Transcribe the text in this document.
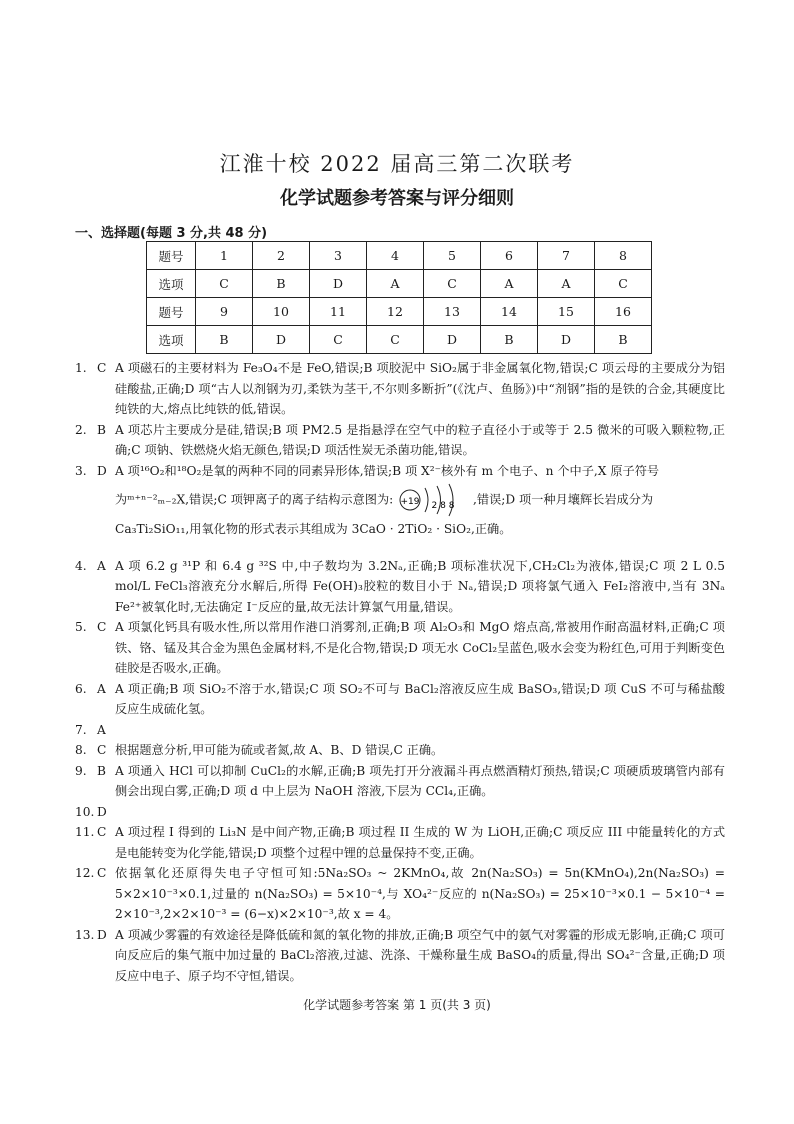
江淮十校 2022 届高三第二次联考
化学试题参考答案与评分细则
一、选择题(每题 3 分,共 48 分)
题号	1	2	3	4	5	6	7	8
选项	C	B	D	A	C	A	A	C
题号	9	10	11	12	13	14	15	16
选项	B	D	C	C	D	B	D	B
1. C A 项磁石的主要材料为 Fe₃O₄不是 FeO,错误;B 项胶泥中 SiO₂属于非金属氧化物,错误;C 项云母的主要成分为铝硅酸盐,正确;D 项“古人以剂钢为刃,柔铁为茎干,不尔则多断折”(《沈卢、鱼肠》)中“剂钢”指的是铁的合金,其硬度比纯铁的大,熔点比纯铁的低,错误。
2. B A 项芯片主要成分是硅,错误;B 项 PM2.5 是指悬浮在空气中的粒子直径小于或等于 2.5 微米的可吸入颗粒物,正确;C 项钠、铁燃烧火焰无颜色,错误;D 项活性炭无杀菌功能,错误。
3. D A 项¹⁶O₂和¹⁸O₂是氧的两种不同的同素异形体,错误;B 项 X²⁻核外有 m 个电子、n 个中子,X 原子符号
为ᵐ⁺ⁿ⁻²ₘ₋₂X,错误;C 项钾离子的离子结构示意图为: +19 2 8 8 ,错误;D 项一种月壤辉长岩成分为
Ca₃Ti₂SiO₁₁,用氧化物的形式表示其组成为 3CaO · 2TiO₂ · SiO₂,正确。
4. A A 项 6.2 g ³¹P 和 6.4 g ³²S 中,中子数均为 3.2Nₐ,正确;B 项标准状况下,CH₂Cl₂为液体,错误;C 项 2 L 0.5 mol/L FeCl₃溶液充分水解后,所得 Fe(OH)₃胶粒的数目小于 Nₐ,错误;D 项将氯气通入 FeI₂溶液中,当有 3Nₐ Fe²⁺被氧化时,无法确定 I⁻反应的量,故无法计算氯气用量,错误。
5. C A 项氯化钙具有吸水性,所以常用作港口消雾剂,正确;B 项 Al₂O₃和 MgO 熔点高,常被用作耐高温材料,正确;C 项铁、铬、锰及其合金为黑色金属材料,不是化合物,错误;D 项无水 CoCl₂呈蓝色,吸水会变为粉红色,可用于判断变色硅胶是否吸水,正确。
6. A A 项正确;B 项 SiO₂不溶于水,错误;C 项 SO₂不可与 BaCl₂溶液反应生成 BaSO₃,错误;D 项 CuS 不可与稀盐酸反应生成硫化氢。
7. A
8. C 根据题意分析,甲可能为硫或者氮,故 A、B、D 错误,C 正确。
9. B A 项通入 HCl 可以抑制 CuCl₂的水解,正确;B 项先打开分液漏斗再点燃酒精灯预热,错误;C 项硬质玻璃管内部有侧会出现白雾,正确;D 项 d 中上层为 NaOH 溶液,下层为 CCl₄,正确。
10. D
11. C A 项过程 I 得到的 Li₃N 是中间产物,正确;B 项过程 II 生成的 W 为 LiOH,正确;C 项反应 III 中能量转化的方式是电能转变为化学能,错误;D 项整个过程中锂的总量保持不变,正确。
12. C 依据氧化还原得失电子守恒可知:5Na₂SO₃ ~ 2KMnO₄,故 2n(Na₂SO₃) = 5n(KMnO₄),2n(Na₂SO₃) = 5×2×10⁻³×0.1,过量的 n(Na₂SO₃) = 5×10⁻⁴,与 XO₄²⁻反应的 n(Na₂SO₃) = 25×10⁻³×0.1 − 5×10⁻⁴ = 2×10⁻³,2×2×10⁻³ = (6−x)×2×10⁻³,故 x = 4。
13. D A 项减少雾霾的有效途径是降低硫和氮的氧化物的排放,正确;B 项空气中的氨气对雾霾的形成无影响,正确;C 项可向反应后的集气瓶中加过量的 BaCl₂溶液,过滤、洗涤、干燥称量生成 BaSO₄的质量,得出 SO₄²⁻含量,正确;D 项反应中电子、原子均不守恒,错误。
化学试题参考答案 第 1 页(共 3 页)
